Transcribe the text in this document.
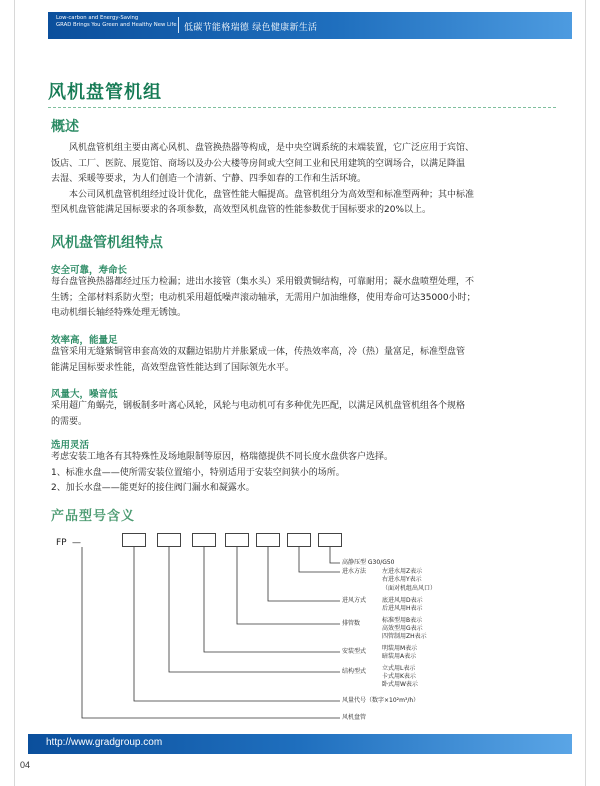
Low-carbon and Energy-Saving
GRAD Brings You Green and Healthy New Life 低碳节能格瑞德 绿色健康新生活
风机盘管机组
概述

风机盘管机组主要由离心风机、盘管换热器等构成，是中央空调系统的末端装置，它广泛应用于宾馆、

饭店、工厂、医院、展览馆、商场以及办公大楼等房间或大空间工业和民用建筑的空调场合，以满足降温

去湿、采暖等要求，为人们创造一个清新、宁静、四季如春的工作和生活环境。

本公司风机盘管机组经过设计优化，盘管性能大幅提高。盘管机组分为高效型和标准型两种；其中标准

型风机盘管能满足国标要求的各项参数，高效型风机盘管的性能参数优于国标要求的20%以上。

风机盘管机组特点
安全可靠，寿命长

每台盘管换热器都经过压力检漏；进出水接管（集水头）采用锻黄铜结构，可靠耐用；凝水盘喷塑处理，不

生锈；全部材料系防火型；电动机采用超低噪声滚动轴承，无需用户加油维修，使用寿命可达35000小时；

电动机细长轴经特殊处理无锈蚀。

效率高，能量足

盘管采用无缝紫铜管串套高效的双翻边铝肋片并胀紧成一体，传热效率高，冷（热）量富足，标准型盘管

能满足国标要求性能，高效型盘管性能达到了国际领先水平。

风量大，噪音低

采用超广角蜗壳，钢板制多叶离心风轮，风轮与电动机可有多种优先匹配，以满足风机盘管机组各个规格

的需要。

选用灵活

考虑安装工地各有其特殊性及场地限制等原因，格瑞德提供不同长度水盘供客户选择。

1、标准水盘——使所需安装位置缩小，特别适用于安装空间狭小的场所。

2、加长水盘——能更好的接住阀门漏水和凝露水。

产品型号含义
FP —
高静压型 G30/G50
进水方法	左进水用Z表示
右进水用Y表示
（面对机组出风口）
进风方式	底进风用D表示
后进风用H表示
排管数	标准型用B表示
高效型用G表示
四管制用ZH表示
安装型式	明装用M表示
暗装用A表示
结构型式	立式用L表示
卡式用K表示
卧式用W表示
风量代号（数字×10²m³/h）
风机盘管
http://www.gradgroup.com
04
